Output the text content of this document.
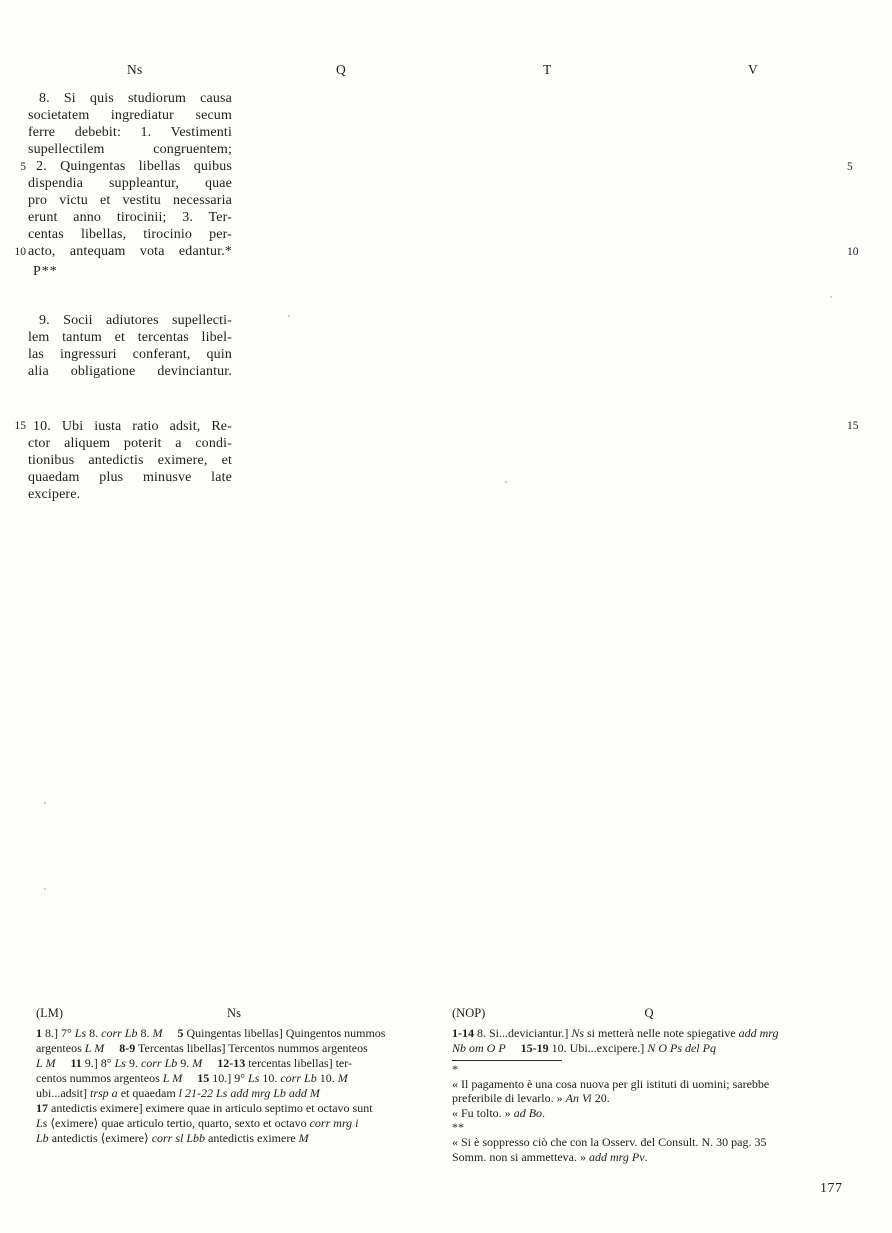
Ns	Q	T	V
5
10
15
5
10
15
8. Si quis studiorum causa
societatem ingrediatur secum
ferre debebit: 1. Vestimenti
supellectilem congruentem;
2. Quingentas libellas quibus
dispendia suppleantur, quae
pro victu et vestitu necessaria
erunt anno tirocinii; 3. Ter-
centas libellas, tirocinio per-
acto, antequam vota edantur.*
P**
9. Socii adiutores supellecti-
lem tantum et tercentas libel-
las ingressuri conferant, quin
alia obligatione devinciantur.
10. Ubi iusta ratio adsit, Re-
ctor aliquem poterit a condi-
tionibus antedictis eximere, et
quaedam plus minusve late
excipere.
(LM)	Ns
1 8.] 7° Ls 8. corr Lb 8. M 5 Quingentas libellas] Quingentos nummos
argenteos L M 8-9 Tercentas libellas] Tercentos nummos argenteos
L M 11 9.] 8° Ls 9. corr Lb 9. M 12-13 tercentas libellas] ter-
centos nummos argenteos L M 15 10.] 9° Ls 10. corr Lb 10. M
ubi...adsit] trsp a et quaedam l 21-22 Ls add mrg Lb add M
17 antedictis eximere] eximere quae in articulo septimo et octavo sunt
Ls ⟨eximere⟩ quae articulo tertio, quarto, sexto et octavo corr mrg i
Lb antedictis ⟨eximere⟩ corr sl Lbb antedictis eximere M
(NOP)	Q
1-14 8. Si...deviciantur.] Ns si metterà nelle note spiegative add mrg
Nb om O P 15-19 10. Ubi...excipere.] N O Ps del Pq
*
« Il pagamento è una cosa nuova per gli istituti di uomini; sarebbe
preferibile di levarlo. » An Vi 20.
« Fu tolto. » ad Bo.
**
« Si è soppresso ciò che con la Osserv. del Consult. N. 30 pag. 35
Somm. non si ammetteva. » add mrg Pv.
177
